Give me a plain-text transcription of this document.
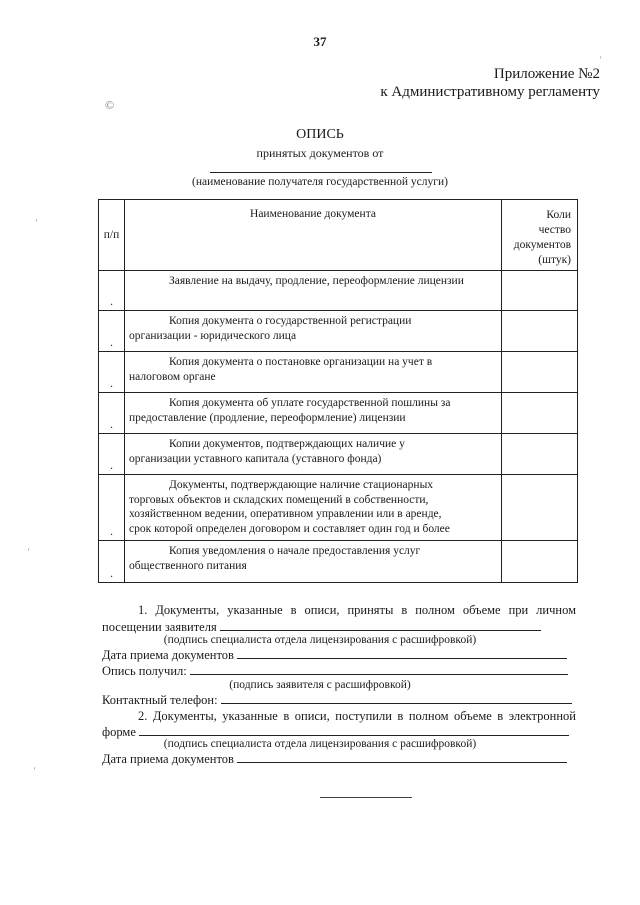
37
Приложение №2
к Административному регламенту
©
ОПИСЬ
принятых документов от
(наименование получателя государственной услуги)
п/п	Наименование документа	Коли
чество
документов
(штук)

.	Заявление на выдачу, продление, переоформление лицензии	

.	Копия документа о государственной регистрации
организации - юридического лица	

.	Копия документа о постановке организации на учет в
налоговом органе	

.	Копия документа об уплате государственной пошлины за
предоставление (продление, переоформление) лицензии	

.	Копии документов, подтверждающих наличие у
организации уставного капитала (уставного фонда)	

.	Документы, подтверждающие наличие стационарных
торговых объектов и складских помещений в собственности,
хозяйственном ведении, оперативном управлении или в аренде,
срок которой определен договором и составляет один год и более	

.	Копия уведомления о начале предоставления услуг
общественного питания	

1. Документы, указанные в описи, приняты в полном объеме при личном
посещении заявителя
(подпись специалиста отдела лицензирования с расшифровкой)
Дата приема документов
Опись получил:
(подпись заявителя с расшифровкой)
Контактный телефон:
2. Документы, указанные в описи, поступили в полном объеме в электронной
форме
(подпись специалиста отдела лицензирования с расшифровкой)
Дата приема документов
'
'
'
'
